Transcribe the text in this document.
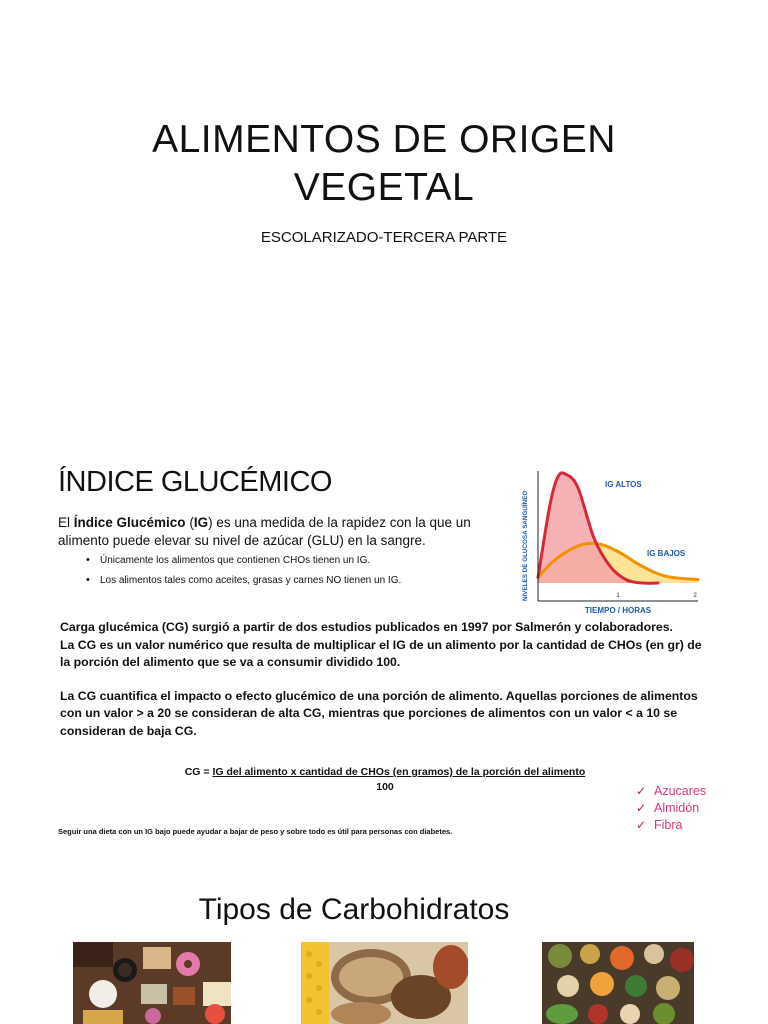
ALIMENTOS DE ORIGEN
VEGETAL
ESCOLARIZADO-TERCERA PARTE
ÍNDICE GLUCÉMICO
El Índice Glucémico (IG) es una medida de la rapidez con la que un alimento puede elevar su nivel de azúcar (GLU) en la sangre.
• Únicamente los alimentos que contienen CHOs tienen un IG.
• Los alimentos tales como aceites, grasas y carnes NO tienen un IG.	NIVELES DE GLUCOSA SANGUÍNEO
TIEMPO / HORAS
1	2
IG ALTOS
IG BAJOS

Carga glucémica (CG) surgió a partir de dos estudios publicados en 1997 por Salmerón y colaboradores.
La CG es un valor numérico que resulta de multiplicar el IG de un alimento por la cantidad de CHOs (en gr) de la porción del alimento que se va a consumir dividido 100.

La CG cuantifica el impacto o efecto glucémico de una porción de alimento. Aquellas porciones de alimentos con un valor > a 20 se consideran de alta CG, mientras que porciones de alimentos con un valor < a 10 se consideran de baja CG.

CG = IG del alimento x cantidad de CHOs (en gramos) de la porción del alimento
100	✓ Azucares
✓ Almidón
✓ Fibra
Seguir una dieta con un IG bajo puede ayudar a bajar de peso y sobre todo es útil para personas con diabetes.
Tipos de Carbohidratos
